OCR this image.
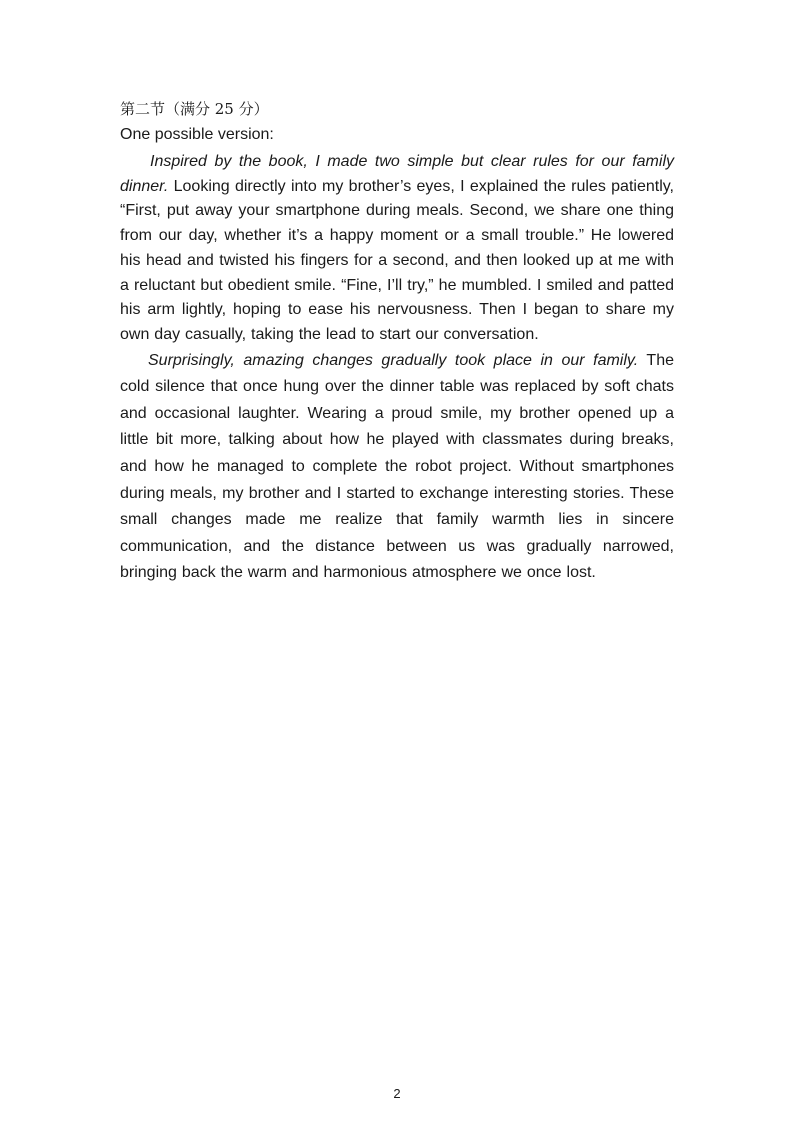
第二节（满分 25 分）

One possible version:

Inspired by the book, I made two simple but clear rules for our family dinner. Looking directly into my brother’s eyes, I explained the rules patiently, “First, put away your smartphone during meals. Second, we share one thing from our day, whether it’s a happy moment or a small trouble.” He lowered his head and twisted his fingers for a second, and then looked up at me with a reluctant but obedient smile. “Fine, I’ll try,” he mumbled. I smiled and patted his arm lightly, hoping to ease his nervousness. Then I began to share my own day casually, taking the lead to start our conversation.

Surprisingly, amazing changes gradually took place in our family. The cold silence that once hung over the dinner table was replaced by soft chats and occasional laughter. Wearing a proud smile, my brother opened up a little bit more, talking about how he played with classmates during breaks, and how he managed to complete the robot project. Without smartphones during meals, my brother and I started to exchange interesting stories. These small changes made me realize that family warmth lies in sincere communication, and the distance between us was gradually narrowed, bringing back the warm and harmonious atmosphere we once lost.

2
